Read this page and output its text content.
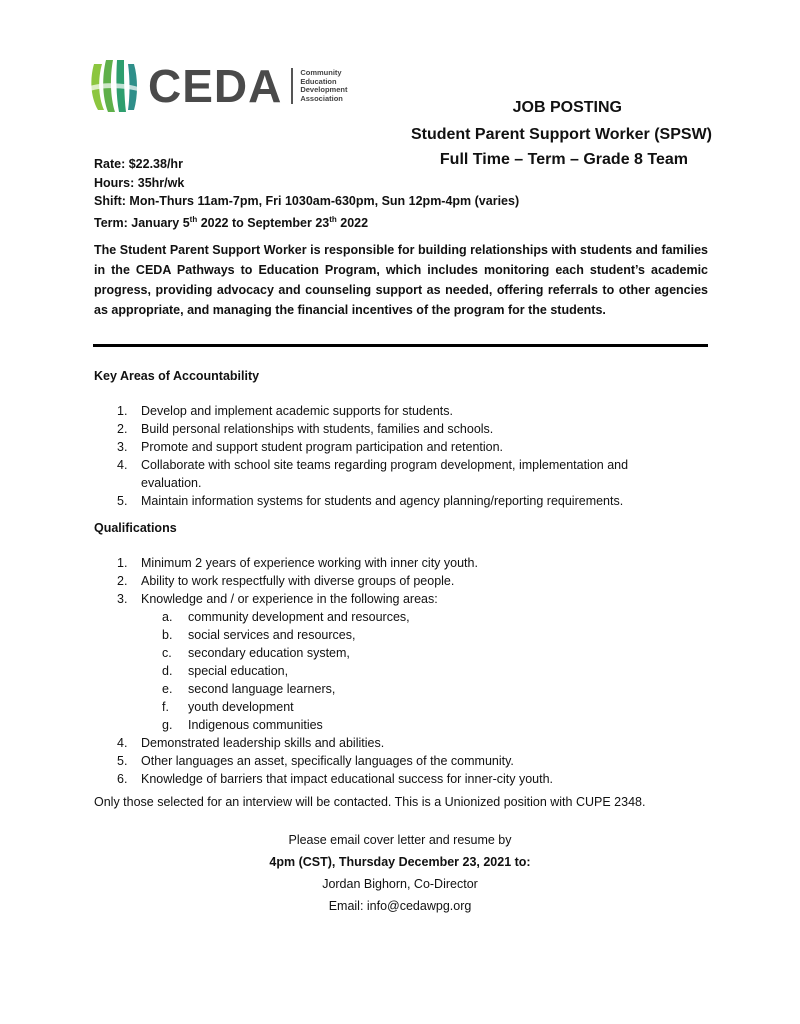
CEDA Community
Education
Development
Association
JOB POSTING
Student Parent Support Worker (SPSW)
Full Time – Term – Grade 8 Team
Rate: $22.38/hr
Hours: 35hr/wk
Shift: Mon-Thurs 11am-7pm, Fri 1030am-630pm, Sun 12pm-4pm (varies)
Term: January 5th 2022 to September 23th 2022
The Student Parent Support Worker is responsible for building relationships with students and families in the CEDA Pathways to Education Program, which includes monitoring each student’s academic progress, providing advocacy and counseling support as needed, offering referrals to other agencies as appropriate, and managing the financial incentives of the program for the students.
Key Areas of Accountability
1.	Develop and implement academic supports for students.
2.	Build personal relationships with students, families and schools.
3.	Promote and support student program participation and retention.
4.	Collaborate with school site teams regarding program development, implementation and evaluation.
5.	Maintain information systems for students and agency planning/reporting requirements.
Qualifications
1.	Minimum 2 years of experience working with inner city youth.
2.	Ability to work respectfully with diverse groups of people.
3.	Knowledge and / or experience in the following areas:
a.	community development and resources,
b.	social services and resources,
c.	secondary education system,
d.	special education,
e.	second language learners,
f.	youth development
g.	Indigenous communities
4.	Demonstrated leadership skills and abilities.
5.	Other languages an asset, specifically languages of the community.
6.	Knowledge of barriers that impact educational success for inner-city youth.
Only those selected for an interview will be contacted. This is a Unionized position with CUPE 2348.
Please email cover letter and resume by
4pm (CST), Thursday December 23, 2021 to:
Jordan Bighorn, Co-Director
Email: info@cedawpg.org
